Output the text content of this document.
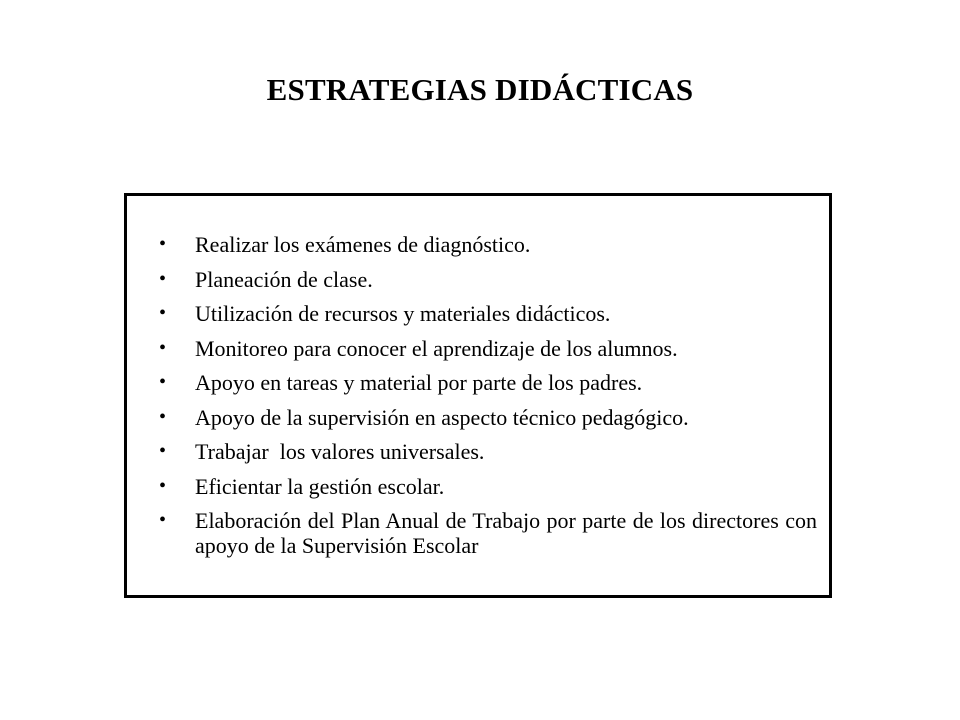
ESTRATEGIAS DIDÁCTICAS
• Realizar los exámenes de diagnóstico.
• Planeación de clase.
• Utilización de recursos y materiales didácticos.
• Monitoreo para conocer el aprendizaje de los alumnos.
• Apoyo en tareas y material por parte de los padres.
• Apoyo de la supervisión en aspecto técnico pedagógico.
• Trabajar  los valores universales.
• Eficientar la gestión escolar.
• Elaboración del Plan Anual de Trabajo por parte de los directores con apoyo de la Supervisión Escolar
